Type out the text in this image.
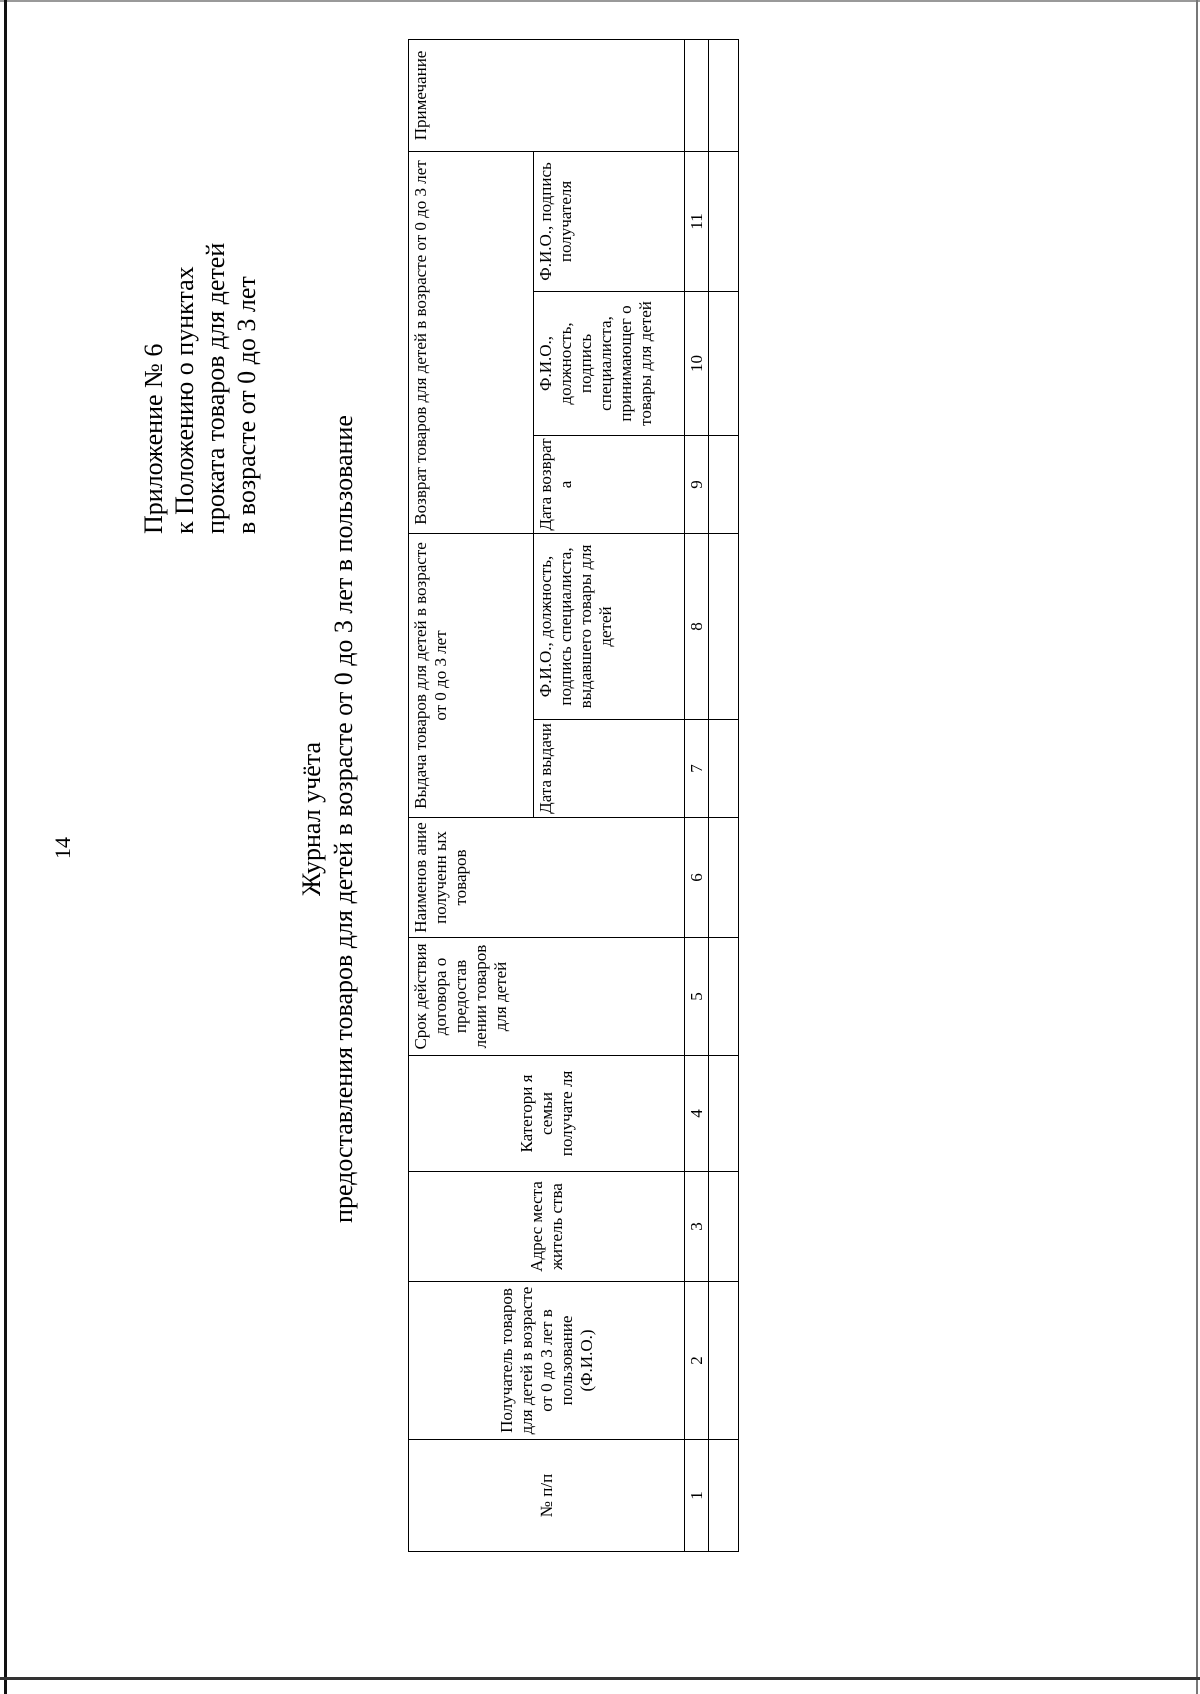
14
Приложение № 6 к Положению о пунктах проката товаров для детей в возрасте от 0 до 3 лет
Журнал учёта предоставления товаров для детей в возрасте от 0 до 3 лет в пользование
№ п/п	Получатель товаров для детей в возрасте от 0 до 3 лет в пользование (Ф.И.О.)	Адрес места житель ства	Категори я семьи получате ля	Срок действия договора о предостав лении товаров для детей	Наименов ание полученн ых товаров	Выдача товаров для детей в возрасте от 0 до 3 лет		Возврат товаров для детей в возрасте от 0 до 3 лет			Примечание
						Дата выдачи	Ф.И.О., должность, подпись специалиста, выдавшего товары для детей	Дата возврат а	Ф.И.О., должность, подпись специалиста, принимающег о товары для детей	Ф.И.О., подпись получателя	
1	2	3	4	5	6	7	8	9	10	11	
